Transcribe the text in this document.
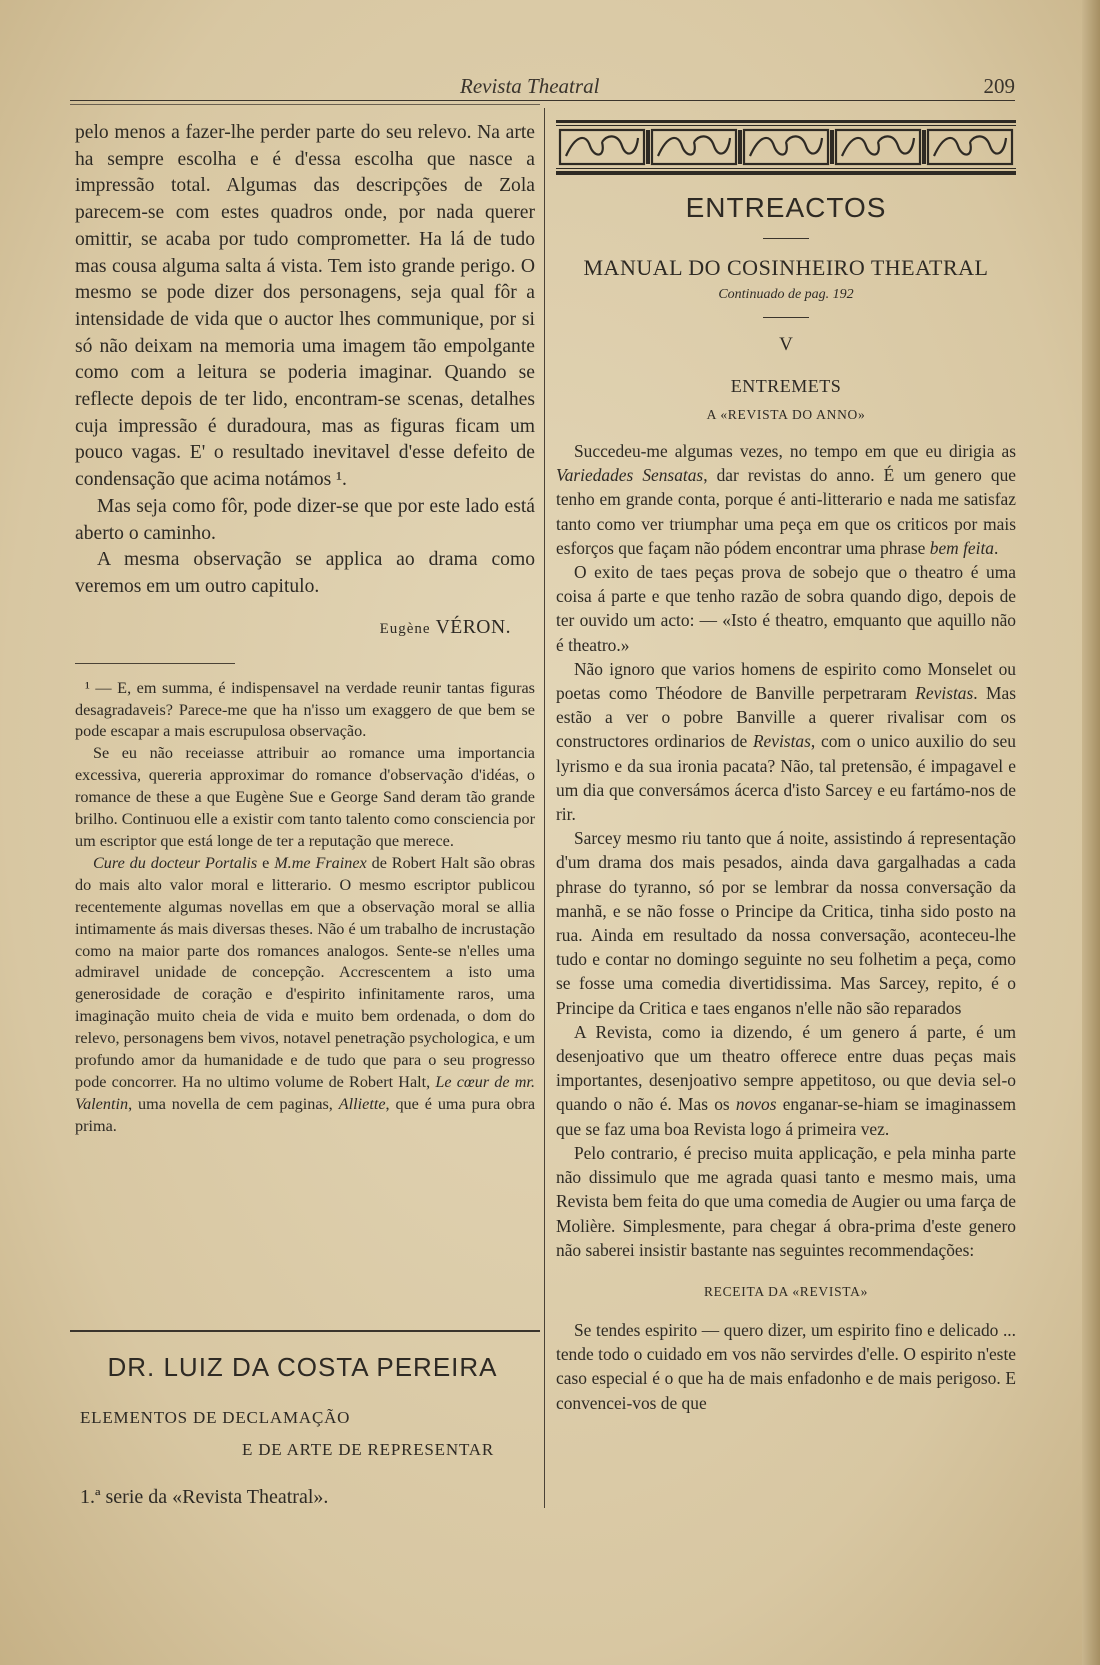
Revista Theatral	209

pelo menos a fazer-lhe perder parte do seu relevo. Na arte ha sempre escolha e é d'essa escolha que nasce a impressão total. Algumas das descripções de Zola parecem-se com estes quadros onde, por nada querer omittir, se acaba por tudo comprometter. Ha lá de tudo mas cousa alguma salta á vista. Tem isto grande perigo. O mesmo se pode dizer dos personagens, seja qual fôr a intensidade de vida que o auctor lhes communique, por si só não deixam na memoria uma imagem tão empolgante como com a leitura se poderia imaginar. Quando se reflecte depois de ter lido, encontram-se scenas, detalhes cuja impressão é duradoura, mas as figuras ficam um pouco vagas. E' o resultado inevitavel d'esse defeito de condensação que acima notámos ¹.

Mas seja como fôr, pode dizer-se que por este lado está aberto o caminho.

A mesma observação se applica ao drama como veremos em um outro capitulo.

Eugène VÉRON.

¹ — E, em summa, é indispensavel na verdade reunir tantas figuras desagradaveis? Parece-me que ha n'isso um exaggero de que bem se pode escapar a mais escrupulosa observação.

Se eu não receiasse attribuir ao romance uma importancia excessiva, quereria approximar do romance d'observação d'idéas, o romance de these a que Eugène Sue e George Sand deram tão grande brilho. Continuou elle a existir com tanto talento como consciencia por um escriptor que está longe de ter a reputação que merece.

Cure du docteur Portalis e M.me Frainex de Robert Halt são obras do mais alto valor moral e litterario. O mesmo escriptor publicou recentemente algumas novellas em que a observação moral se allia intimamente ás mais diversas theses. Não é um trabalho de incrustação como na maior parte dos romances analogos. Sente-se n'elles uma admiravel unidade de concepção. Accrescentem a isto uma generosidade de coração e d'espirito infinitamente raros, uma imaginação muito cheia de vida e muito bem ordenada, o dom do relevo, personagens bem vivos, notavel penetração psychologica, e um profundo amor da humanidade e de tudo que para o seu progresso pode concorrer. Ha no ultimo volume de Robert Halt, Le cœur de mr. Valentin, uma novella de cem paginas, Alliette, que é uma pura obra prima.

DR. LUIZ DA COSTA PEREIRA
ELEMENTOS DE DECLAMAÇÃO
E DE ARTE DE REPRESENTAR
1.ª serie da «Revista Theatral».
ENTREACTOS
MANUAL DO COSINHEIRO THEATRAL
Continuado de pag. 192
V
ENTREMETS
A «REVISTA DO ANNO»

Succedeu-me algumas vezes, no tempo em que eu dirigia as Variedades Sensatas, dar revistas do anno. É um genero que tenho em grande conta, porque é anti-litterario e nada me satisfaz tanto como ver triumphar uma peça em que os criticos por mais esforços que façam não pódem encontrar uma phrase bem feita.

O exito de taes peças prova de sobejo que o theatro é uma coisa á parte e que tenho razão de sobra quando digo, depois de ter ouvido um acto: — «Isto é theatro, emquanto que aquillo não é theatro.»

Não ignoro que varios homens de espirito como Monselet ou poetas como Théodore de Banville perpetraram Revistas. Mas estão a ver o pobre Banville a querer rivalisar com os constructores ordinarios de Revistas, com o unico auxilio do seu lyrismo e da sua ironia pacata? Não, tal pretensão, é impagavel e um dia que conversámos ácerca d'isto Sarcey e eu fartámo-nos de rir.

Sarcey mesmo riu tanto que á noite, assistindo á representação d'um drama dos mais pesados, ainda dava gargalhadas a cada phrase do tyranno, só por se lembrar da nossa conversação da manhã, e se não fosse o Principe da Critica, tinha sido posto na rua. Ainda em resultado da nossa conversação, aconteceu-lhe tudo e contar no domingo seguinte no seu folhetim a peça, como se fosse uma comedia divertidissima. Mas Sarcey, repito, é o Principe da Critica e taes enganos n'elle não são reparados

A Revista, como ia dizendo, é um genero á parte, é um desenjoativo que um theatro offerece entre duas peças mais importantes, desenjoativo sempre appetitoso, ou que devia sel-o quando o não é. Mas os novos enganar-se-hiam se imaginassem que se faz uma boa Revista logo á primeira vez.

Pelo contrario, é preciso muita applicação, e pela minha parte não dissimulo que me agrada quasi tanto e mesmo mais, uma Revista bem feita do que uma comedia de Augier ou uma farça de Molière. Simplesmente, para chegar á obra-prima d'este genero não saberei insistir bastante nas seguintes recommendações:

RECEITA DA «REVISTA»

Se tendes espirito — quero dizer, um espirito fino e delicado ... tende todo o cuidado em vos não servirdes d'elle. O espirito n'este caso especial é o que ha de mais enfadonho e de mais perigoso. E convencei-vos de que
